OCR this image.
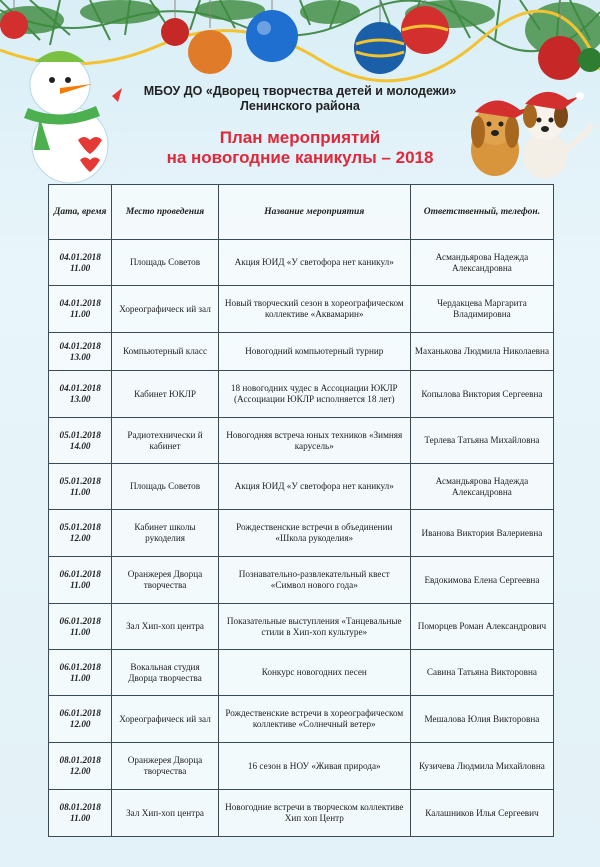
МБОУ ДО «Дворец творчества детей и молодежи»
Ленинского района
План мероприятий
на новогодние каникулы – 2018
Дата, время	Место проведения	Название мероприятия	Ответственный, телефон.

04.01.2018
11.00	Площадь Советов	Акция ЮИД «У светофора нет каникул»	Асмандьярова Надежда Александровна

04.01.2018
11.00	Хореографическ ий зал	Новый творческий сезон в хореографическом коллективе «Аквамарин»	Чердакцева Маргарита Владимировна

04.01.2018
13.00	Компьютерный класс	Новогодний компьютерный турнир	Маханькова Людмила Николаевна

04.01.2018
13.00	Кабинет ЮКЛР	18 новогодних чудес в Ассоциации ЮКЛР (Ассоциации ЮКЛР исполняется 18 лет)	Копылова Виктория Сергеевна

05.01.2018
14.00	Радиотехнически й кабинет	Новогодняя встреча юных техников «Зимняя карусель»	Терлева Татьяна Михайловна

05.01.2018
11.00	Площадь Советов	Акция ЮИД «У светофора нет каникул»	Асмандьярова Надежда Александровна

05.01.2018
12.00	Кабинет школы рукоделия	Рождественские встречи в объединении «Школа рукоделия»	Иванова Виктория Валериевна

06.01.2018
11.00	Оранжерея Дворца творчества	Познавательно-развлекательный квест «Символ нового года»	Евдокимова Елена Сергеевна

06.01.2018
11.00	Зал Хип-хоп центра	Показательные выступления «Танцевальные стили в Хип-хоп культуре»	Поморцев Роман Александрович

06.01.2018
11.00	Вокальная студия Дворца творчества	Конкурс новогодних песен	Савина Татьяна Викторовна

06.01.2018
12.00	Хореографическ ий зал	Рождественские встречи в хореографическом коллективе «Солнечный ветер»	Мешалова Юлия Викторовна

08.01.2018
12.00	Оранжерея Дворца творчества	16 сезон в НОУ «Живая природа»	Кузичева Людмила Михайловна

08.01.2018
11.00	Зал Хип-хоп центра	Новогодние встречи в творческом коллективе Хип хоп Центр	Калашников Илья Сергеевич
